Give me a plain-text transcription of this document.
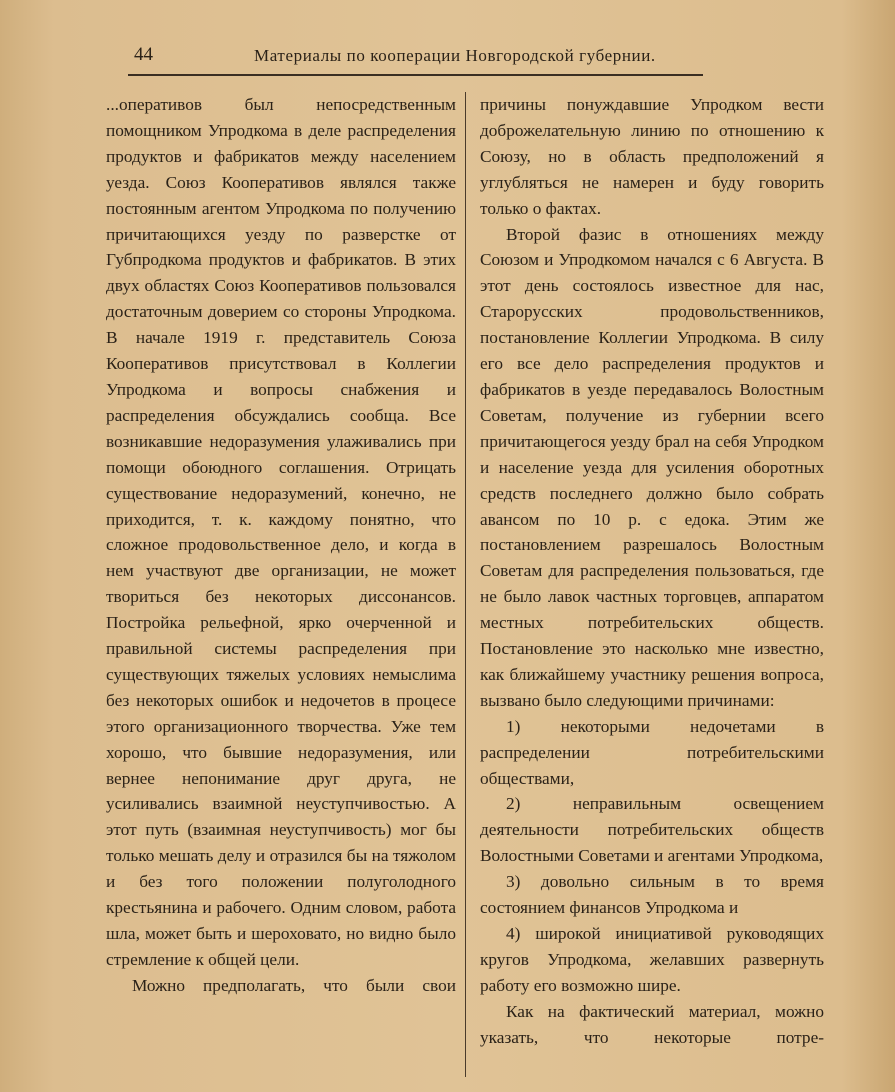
44	Материалы по кооперации Новгородской губернии.

...оперативов был непосредственным помощником Упродкома в деле распределения продуктов и фабрикатов между населением уезда. Союз Кооперативов являлся также постоянным агентом Упродкома по получению причитающихся уезду по разверстке от Губпродкома продуктов и фабрикатов. В этих двух областях Союз Кооперативов пользовался достаточным доверием со стороны Упродкома. В начале 1919 г. представитель Союза Кооперативов присутствовал в Коллегии Упродкома и вопросы снабжения и распределения обсуждались сообща. Все возникавшие недоразумения улаживались при помощи обоюдного соглашения. Отрицать существование недоразумений, конечно, не приходится, т. к. каждому понятно, что сложное продовольственное дело, и когда в нем участвуют две организации, не может твориться без некоторых диссонансов. Постройка рельефной, ярко очерченной и правильной системы распределения при существующих тяжелых условиях немыслима без некоторых ошибок и недочетов в процесе этого организационного творчества. Уже тем хорошо, что бывшие недоразумения, или вернее непонимание друг друга, не усиливались взаимной неуступчивостью. А этот путь (взаимная неуступчивость) мог бы только мешать делу и отразился бы на тяжолом и без того положении полуголодного крестьянина и рабочего. Одним словом, работа шла, может быть и шероховато, но видно было стремление к общей цели.

Можно предполагать, что были свои

причины понуждавшие Упродком вести доброжелательную линию по отношению к Союзу, но в область предположений я углубляться не намерен и буду говорить только о фактах.

Второй фазис в отношениях между Союзом и Упродкомом начался с 6 Августа. В этот день состоялось известное для нас, Старорусских продовольственников, постановление Коллегии Упродкома. В силу его все дело распределения продуктов и фабрикатов в уезде передавалось Волостным Советам, получение из губернии всего причитающегося уезду брал на себя Упродком и население уезда для усиления оборотных средств последнего должно было собрать авансом по 10 р. с едока. Этим же постановлением разрешалось Волостным Советам для распределения пользоваться, где не было лавок частных торговцев, аппаратом местных потребительских обществ. Постановление это насколько мне известно, как ближайшему участнику решения вопроса, вызвано было следующими причинами:

1) некоторыми недочетами в распределении потребительскими обществами,

2) неправильным освещением деятельности потребительских обществ Волостными Советами и агентами Упродкома,

3) довольно сильным в то время состоянием финансов Упродкома и

4) широкой инициативой руководящих кругов Упродкома, желавших развернуть работу его возможно шире.

Как на фактический материал, можно указать, что некоторые потре-
